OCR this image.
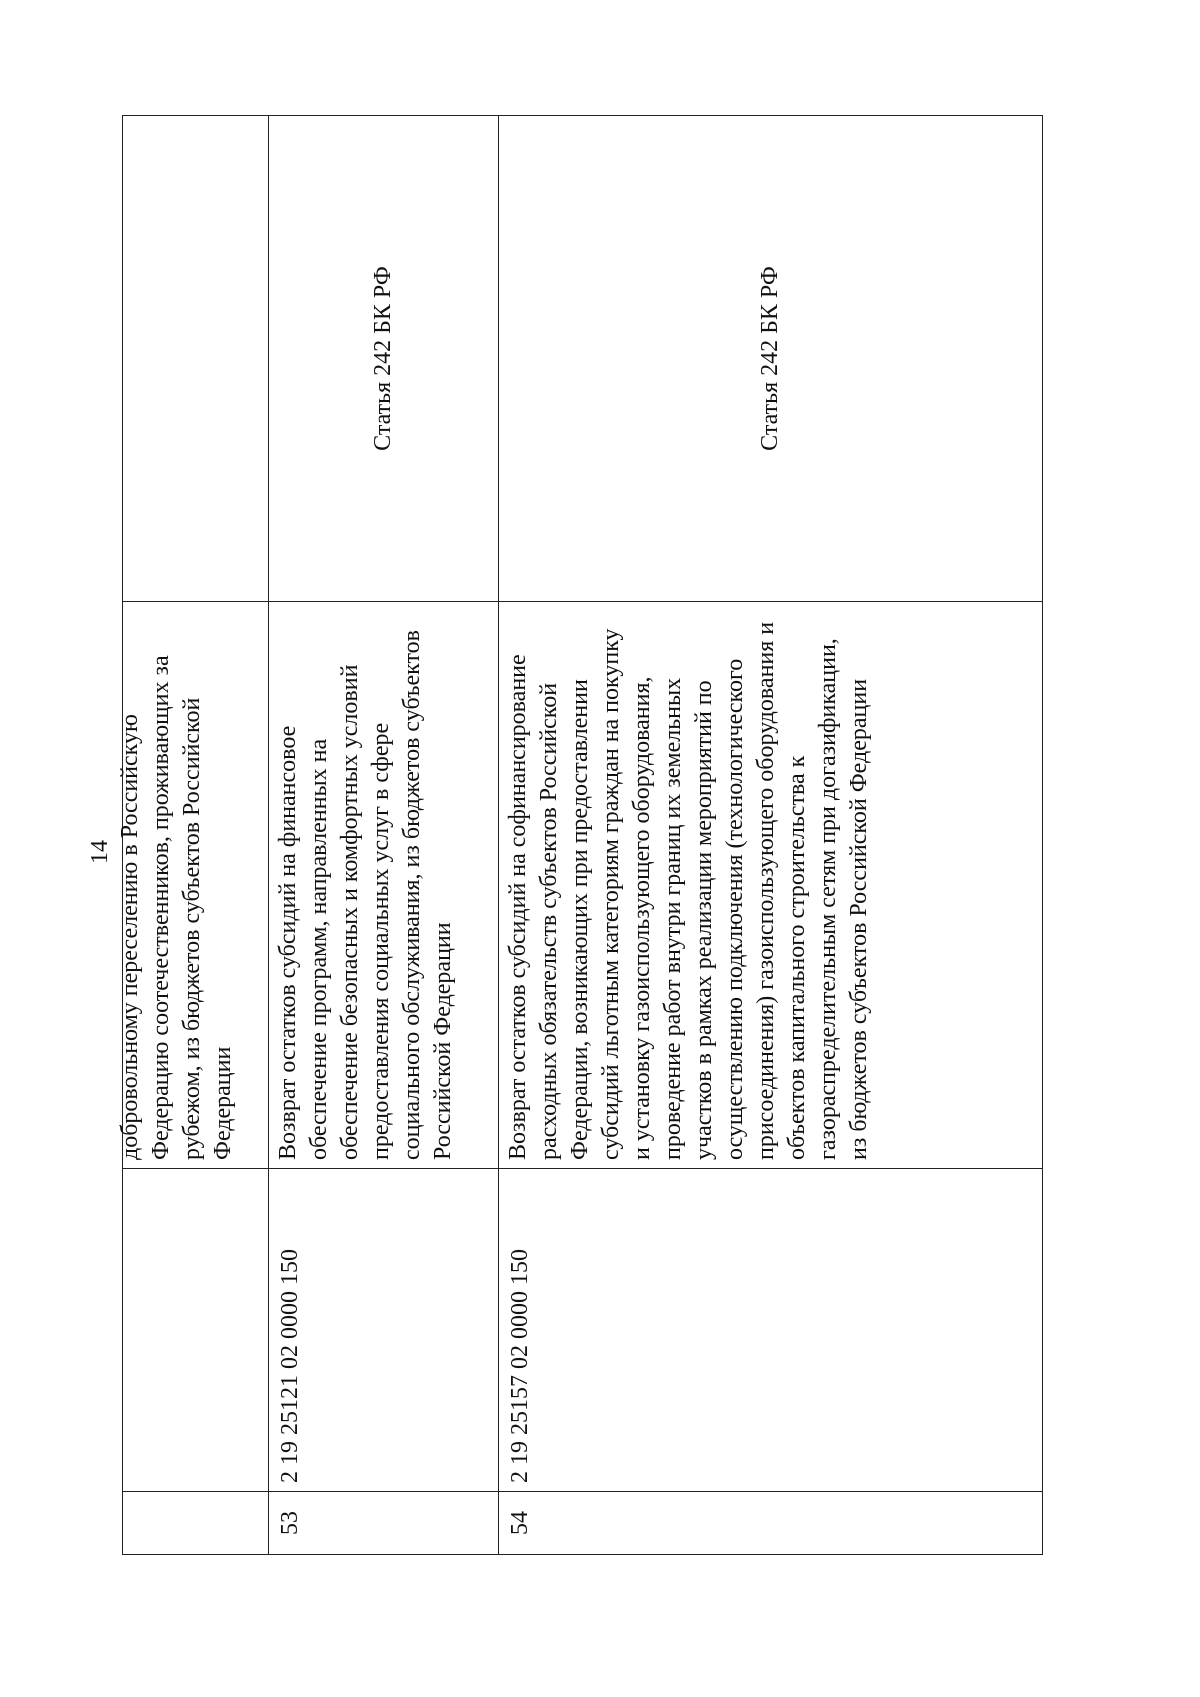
14

		добровольному переселению в Российскую Федерацию соотечественников, проживающих за рубежом, из бюджетов субъектов Российской Федерации	

53	2 19 25121 02 0000 150	Возврат остатков субсидий на финансовое обеспечение программ, направленных на обеспечение безопасных и комфортных условий предоставления социальных услуг в сфере социального обслуживания, из бюджетов субъектов Российской Федерации	Статья 242 БК РФ
54	2 19 25157 02 0000 150	Возврат остатков субсидий на софинансирование расходных обязательств субъектов Российской Федерации, возникающих при предоставлении субсидий льготным категориям граждан на покупку и установку газоиспользующего оборудования, проведение работ внутри границ их земельных участков в рамках реализации мероприятий по осуществлению подключения (технологического присоединения) газоиспользующего оборудования и объектов капитального строительства к газораспределительным сетям при догазификации, из бюджетов субъектов Российской Федерации	Статья 242 БК РФ
